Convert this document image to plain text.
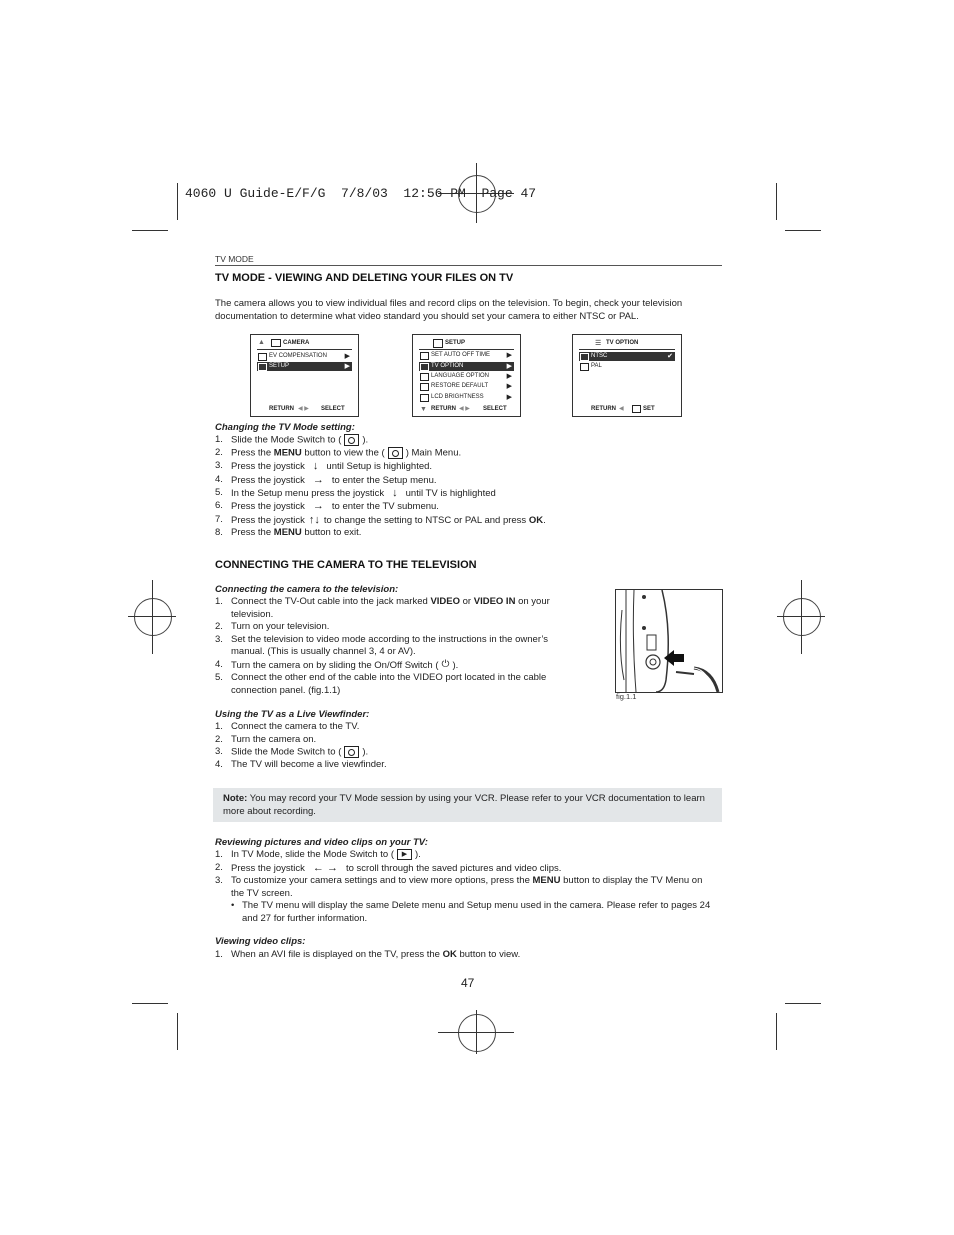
4060 U Guide-E/F/G  7/8/03  12:56 PM  Page 47
TV MODE
TV MODE - VIEWING AND DELETING YOUR FILES ON TV

The camera allows you to view individual files and record clips on the television. To begin, check your television documentation to determine what video standard you should set your camera to either NTSC or PAL.

▲	CAMERA
EV COMPENSATION	▶
SETUP	▶
RETURN ◀ ▶ SELECT
SETUP
SET AUTO OFF TIME ▶
TV OPTION	▶
LANGUAGE OPTION	▶
RESTORE DEFAULT	▶
LCD BRIGHTNESS	▶
▼ RETURN ◀ ▶ SELECT
☰ TV OPTION
NTSC	✔
PAL
RETURN ◀	SET
Changing the TV Mode setting:
1. Slide the Mode Switch to ( ).
2. Press the MENU button to view the ( ) Main Menu.
3. Press the joystick ↓ until Setup is highlighted.
4. Press the joystick → to enter the Setup menu.
5. In the Setup menu press the joystick ↓ until TV is highlighted
6. Press the joystick → to enter the TV submenu.
7. Press the joystick ↑↓ to change the setting to NTSC or PAL and press OK.
8. Press the MENU button to exit.
CONNECTING THE CAMERA TO THE TELEVISION
Connecting the camera to the television:
1. Connect the TV-Out cable into the jack marked VIDEO or VIDEO IN on your television.
2. Turn on your television.
3. Set the television to video mode according to the instructions in the owner’s manual. (This is usually channel 3, 4 or AV).
4. Turn the camera on by sliding the On/Off Switch ( ⏻ ).
5. Connect the other end of the cable into the VIDEO port located in the cable connection panel. (fig.1.1)
fig.1.1
Using the TV as a Live Viewfinder:
1. Connect the camera to the TV.
2. Turn the camera on.
3. Slide the Mode Switch to ( ).
4. The TV will become a live viewfinder.

Note: You may record your TV Mode session by using your VCR. Please refer to your VCR documentation to learn more about recording.

Reviewing pictures and video clips on your TV:
1. In TV Mode, slide the Mode Switch to ( ▶ ).
2. Press the joystick ← → to scroll through the saved pictures and video clips.
3. To customize your camera settings and to view more options, press the MENU button to display the TV Menu on the TV screen.
• The TV menu will display the same Delete menu and Setup menu used in the camera. Please refer to pages 24 and 27 for further information.
Viewing video clips:
1. When an AVI file is displayed on the TV, press the OK button to view.
47
